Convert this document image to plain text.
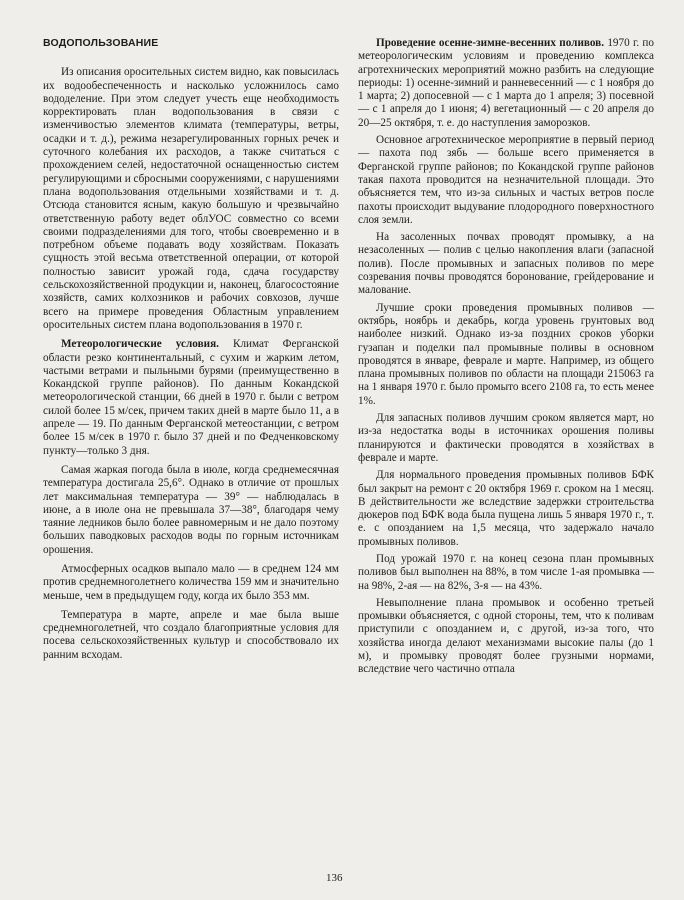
ВОДОПОЛЬЗОВАНИЕ

Из описания оросительных систем видно, как повысилась их водообеспеченность и насколько усложнилось само вододеление. При этом следует учесть еще необходимость корректировать план водопользования в связи с изменчивостью элементов климата (температуры, ветры, осадки и т. д.), режима незарегулированных горных речек и суточного колебания их расходов, а также считаться с прохождением селей, недостаточной оснащенностью систем регулирующими и сбросными сооружениями, с нарушениями плана водопользования отдельными хозяйствами и т. д. Отсюда становится ясным, какую большую и чрезвычайно ответственную работу ведет облУОС совместно со всеми своими подразделениями для того, чтобы своевременно и в потребном объеме подавать воду хозяйствам. Показать сущность этой весьма ответственной операции, от которой полностью зависит урожай года, сдача государству сельскохозяйственной продукции и, наконец, благосостояние хозяйств, самих колхозников и рабочих совхозов, лучше всего на примере проведения Областным управлением оросительных систем плана водопользования в 1970 г.

Метеорологические условия. Климат Ферганской области резко континентальный, с сухим и жарким летом, частыми ветрами и пыльными бурями (преимущественно в Кокандской группе районов). По данным Кокандской метеорологической станции, 66 дней в 1970 г. были с ветром силой более 15 м/сек, причем таких дней в марте было 11, а в апреле — 19. По данным Ферганской метеостанции, с ветром более 15 м/сек в 1970 г. было 37 дней и по Федченковскому пункту—только 3 дня.

Самая жаркая погода была в июле, когда среднемесячная температура достигала 25,6°. Однако в отличие от прошлых лет максимальная температура — 39° — наблюдалась в июне, а в июле она не превышала 37—38°, благодаря чему таяние ледников было более равномерным и не дало поэтому больших паводковых расходов воды по горным источникам орошения.

Атмосферных осадков выпало мало — в среднем 124 мм против среднемноголетнего количества 159 мм и значительно меньше, чем в предыдущем году, когда их было 353 мм.

Температура в марте, апреле и мае была выше среднемноголетней, что создало благоприятные условия для посева сельскохозяйственных культур и способствовало их ранним всходам.

Проведение осенне-зимне-весенних поливов. 1970 г. по метеорологическим условиям и проведению комплекса агротехнических мероприятий можно разбить на следующие периоды: 1) осенне-зимний и ранневесенний — с 1 ноября до 1 марта; 2) допосевной — с 1 марта до 1 апреля; 3) посевной — с 1 апреля до 1 июня; 4) вегетационный — с 20 апреля до 20—25 октября, т. е. до наступления заморозков.

Основное агротехническое мероприятие в первый период — пахота под зябь — больше всего применяется в Ферганской группе районов; по Кокандской группе районов такая пахота проводится на незначительной площади. Это объясняется тем, что из-за сильных и частых ветров после пахоты происходит выдувание плодородного поверхностного слоя земли.

На засоленных почвах проводят промывку, а на незасоленных — полив с целью накопления влаги (запасной полив). После промывных и запасных поливов по мере созревания почвы проводятся боронование, грейдерование и малование.

Лучшие сроки проведения промывных поливов — октябрь, ноябрь и декабрь, когда уровень грунтовых вод наиболее низкий. Однако из-за поздних сроков уборки гузапан и поделки пал промывные поливы в основном проводятся в январе, феврале и марте. Например, из общего плана промывных поливов по области на площади 215063 га на 1 января 1970 г. было промыто всего 2108 га, то есть менее 1%.

Для запасных поливов лучшим сроком является март, но из-за недостатка воды в источниках орошения поливы планируются и фактически проводятся в хозяйствах в феврале и марте.

Для нормального проведения промывных поливов БФК был закрыт на ремонт с 20 октября 1969 г. сроком на 1 месяц. В действительности же вследствие задержки строительства дюкеров под БФК вода была пущена лишь 5 января 1970 г., т. е. с опозданием на 1,5 месяца, что задержало начало промывных поливов.

Под урожай 1970 г. на конец сезона план промывных поливов был выполнен на 88%, в том числе 1-ая промывка — на 98%, 2-ая — на 82%, 3-я — на 43%.

Невыполнение плана промывок и особенно третьей промывки объясняется, с одной стороны, тем, что к поливам приступили с опозданием и, с другой, из-за того, что хозяйства иногда делают механизмами высокие палы (до 1 м), и промывку проводят более грузными нормами, вследствие чего частично отпала

136
